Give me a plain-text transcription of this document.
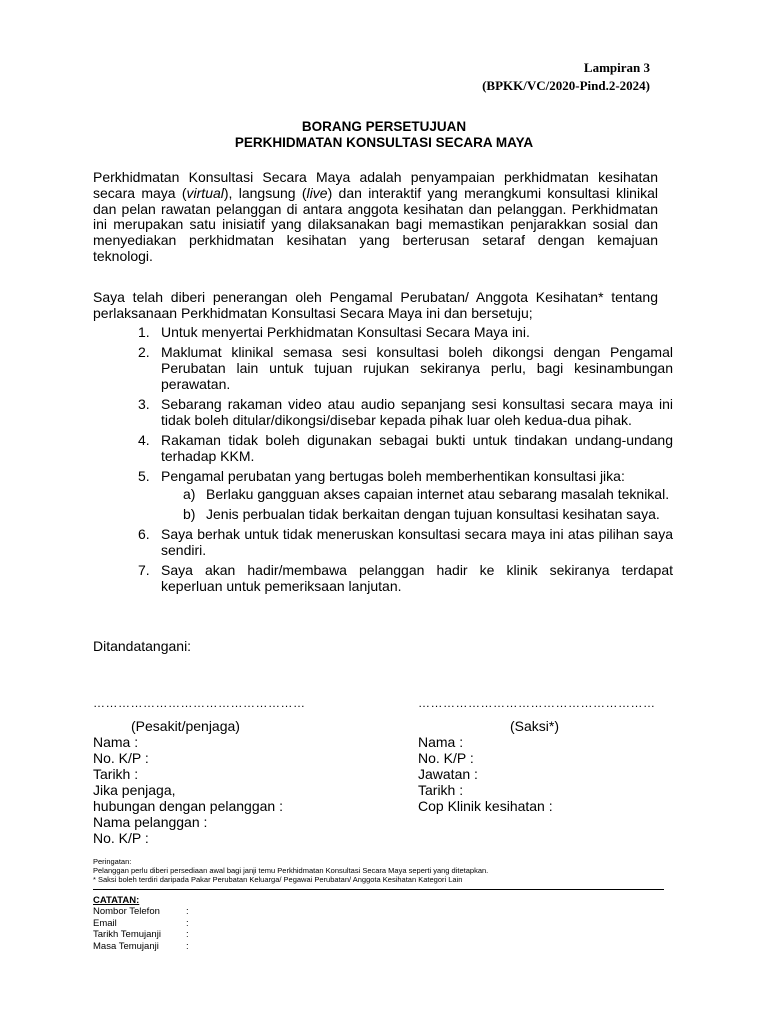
Lampiran 3
(BPKK/VC/2020-Pind.2-2024)
BORANG PERSETUJUAN
PERKHIDMATAN KONSULTASI SECARA MAYA
Perkhidmatan Konsultasi Secara Maya adalah penyampaian perkhidmatan kesihatan secara maya (virtual), langsung (live) dan interaktif yang merangkumi konsultasi klinikal dan pelan rawatan pelanggan di antara anggota kesihatan dan pelanggan. Perkhidmatan ini merupakan satu inisiatif yang dilaksanakan bagi memastikan penjarakkan sosial dan menyediakan perkhidmatan kesihatan yang berterusan setaraf dengan kemajuan teknologi.
Saya telah diberi penerangan oleh Pengamal Perubatan/ Anggota Kesihatan* tentang perlaksanaan Perkhidmatan Konsultasi Secara Maya ini dan bersetuju;
1. Untuk menyertai Perkhidmatan Konsultasi Secara Maya ini.
2. Maklumat klinikal semasa sesi konsultasi boleh dikongsi dengan Pengamal Perubatan lain untuk tujuan rujukan sekiranya perlu, bagi kesinambungan perawatan.
3. Sebarang rakaman video atau audio sepanjang sesi konsultasi secara maya ini tidak boleh ditular/dikongsi/disebar kepada pihak luar oleh kedua-dua pihak.
4. Rakaman tidak boleh digunakan sebagai bukti untuk tindakan undang-undang terhadap KKM.
5. Pengamal perubatan yang bertugas boleh memberhentikan konsultasi jika:
a) Berlaku gangguan akses capaian internet atau sebarang masalah teknikal.
b) Jenis perbualan tidak berkaitan dengan tujuan konsultasi kesihatan saya.
6. Saya berhak untuk tidak meneruskan konsultasi secara maya ini atas pilihan saya sendiri.
7. Saya akan hadir/membawa pelanggan hadir ke klinik sekiranya terdapat keperluan untuk pemeriksaan lanjutan.
Ditandatangani:
……………………………………………
(Pesakit/penjaga)
Nama :
No. K/P :
Tarikh :
Jika penjaga,
hubungan dengan pelanggan :
Nama pelanggan :
No. K/P :
…………………………………………………
(Saksi*)
Nama :
No. K/P :
Jawatan :
Tarikh :
Cop Klinik kesihatan :
Peringatan:
Pelanggan perlu diberi persediaan awal bagi janji temu Perkhidmatan Konsultasi Secara Maya seperti yang ditetapkan.
* Saksi boleh terdiri daripada Pakar Perubatan Keluarga/ Pegawai Perubatan/ Anggota Kesihatan Kategori Lain
CATATAN:
Nombor Telefon	:
Email	:
Tarikh Temujanji	:
Masa Temujanji	:
